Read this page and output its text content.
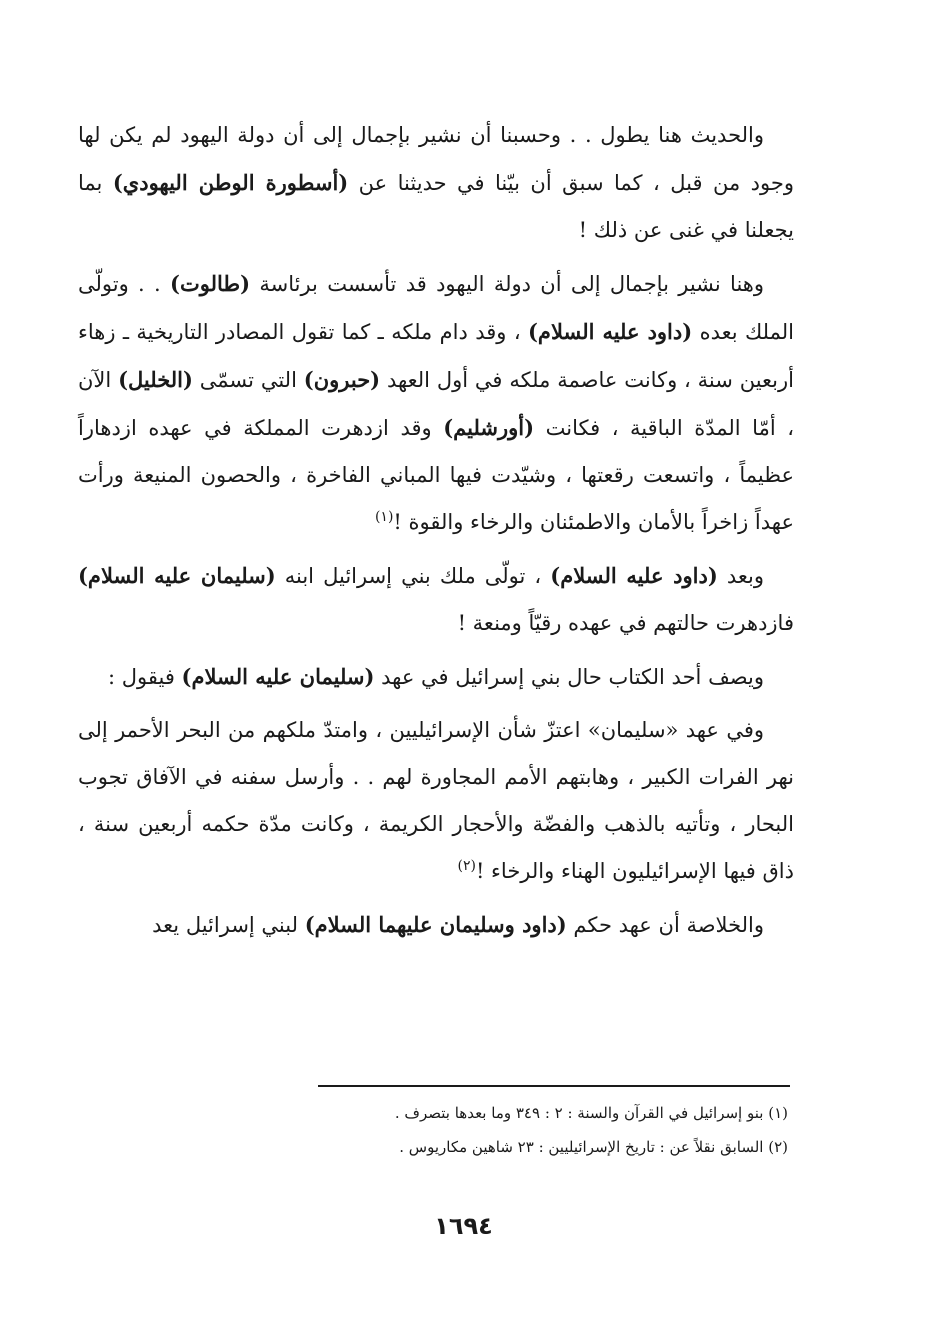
والحديث هنا يطول . . وحسبنا أن نشير بإجمال إلى أن دولة اليهود لم يكن لها وجود من قبل ، كما سبق أن بيّنا في حديثنا عن (أسطورة الوطن اليهودي) بما يجعلنا في غنى عن ذلك !

وهنا نشير بإجمال إلى أن دولة اليهود قد تأسست برئاسة (طالوت) . . وتولّى الملك بعده (داود عليه السلام) ، وقد دام ملكه ـ كما تقول المصادر التاريخية ـ زهاء أربعين سنة ، وكانت عاصمة ملكه في أول العهد (حبرون) التي تسمّى (الخليل) الآن ، أمّا المدّة الباقية ، فكانت (أورشليم) وقد ازدهرت المملكة في عهده ازدهاراً عظيماً ، واتسعت رقعتها ، وشيّدت فيها المباني الفاخرة ، والحصون المنيعة ورأت عهداً زاخراً بالأمان والاطمئنان والرخاء والقوة !$^{(١)}$

وبعد (داود عليه السلام) ، تولّى ملك بني إسرائيل ابنه (سليمان عليه السلام) فازدهرت حالتهم في عهده رقيّاً ومنعة !

ويصف أحد الكتاب حال بني إسرائيل في عهد (سليمان عليه السلام) فيقول :

وفي عهد «سليمان» اعتزّ شأن الإسرائيليين ، وامتدّ ملكهم من البحر الأحمر إلى نهر الفرات الكبير ، وهابتهم الأمم المجاورة لهم . . وأرسل سفنه في الآفاق تجوب البحار ، وتأتيه بالذهب والفضّة والأحجار الكريمة ، وكانت مدّة حكمه أربعين سنة ، ذاق فيها الإسرائيليون الهناء والرخاء !$^{(٢)}$

والخلاصة أن عهد حكم (داود وسليمان عليهما السلام) لبني إسرائيل يعد

(١) بنو إسرائيل في القرآن والسنة : ٢ : ٣٤٩ وما بعدها بتصرف .

(٢) السابق نقلاً عن : تاريخ الإسرائيليين : ٢٣ شاهين مكاريوس .

١٦٩٤
